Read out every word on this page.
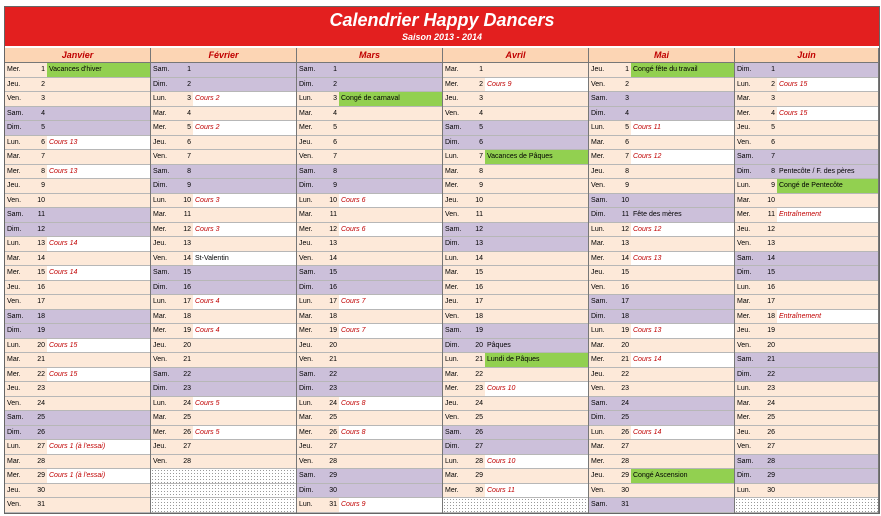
Calendrier Happy Dancers
Saison 2013 - 2014
Janvier
Mer.	1 Vacances d'hiver
Jeu.	2
Ven.	3
Sam.	4
Dim.	5
Lun.	6 Cours 13
Mar.	7
Mer.	8 Cours 13
Jeu.	9
Ven.	10
Sam.	11
Dim.	12
Lun.	13 Cours 14
Mar.	14
Mer.	15 Cours 14
Jeu.	16
Ven.	17
Sam.	18
Dim.	19
Lun.	20 Cours 15
Mar.	21
Mer.	22 Cours 15
Jeu.	23
Ven.	24
Sam.	25
Dim.	26
Lun.	27 Cours 1 (à l'essai)
Mar.	28
Mer.	29 Cours 1 (à l'essai)
Jeu.	30
Ven.	31
Février
Sam.	1
Dim.	2
Lun.	3 Cours 2
Mar.	4
Mer.	5 Cours 2
Jeu.	6
Ven.	7
Sam.	8
Dim.	9
Lun.	10 Cours 3
Mar.	11
Mer.	12 Cours 3
Jeu.	13
Ven.	14 St-Valentin
Sam.	15
Dim.	16
Lun.	17 Cours 4
Mar.	18
Mer.	19 Cours 4
Jeu.	20
Ven.	21
Sam.	22
Dim.	23
Lun.	24 Cours 5
Mar.	25
Mer.	26 Cours 5
Jeu.	27
Ven.	28
Mars
Sam.	1
Dim.	2
Lun.	3 Congé de carnaval
Mar.	4
Mer.	5
Jeu.	6
Ven.	7
Sam.	8
Dim.	9
Lun.	10 Cours 6
Mar.	11
Mer.	12 Cours 6
Jeu.	13
Ven.	14
Sam.	15
Dim.	16
Lun.	17 Cours 7
Mar.	18
Mer.	19 Cours 7
Jeu.	20
Ven.	21
Sam.	22
Dim.	23
Lun.	24 Cours 8
Mar.	25
Mer.	26 Cours 8
Jeu.	27
Ven.	28
Sam.	29
Dim.	30
Lun.	31 Cours 9
Avril
Mar.	1
Mer.	2 Cours 9
Jeu.	3
Ven.	4
Sam.	5
Dim.	6
Lun.	7 Vacances de Pâques
Mar.	8
Mer.	9
Jeu.	10
Ven.	11
Sam.	12
Dim.	13
Lun.	14
Mar.	15
Mer.	16
Jeu.	17
Ven.	18
Sam.	19
Dim.	20 Pâques
Lun.	21 Lundi de Pâques
Mar.	22
Mer.	23 Cours 10
Jeu.	24
Ven.	25
Sam.	26
Dim.	27
Lun.	28 Cours 10
Mar.	29
Mer.	30 Cours 11
Mai
Jeu.	1 Congé fête du travail
Ven.	2
Sam.	3
Dim.	4
Lun.	5 Cours 11
Mar.	6
Mer.	7 Cours 12
Jeu.	8
Ven.	9
Sam.	10
Dim.	11 Fête des mères
Lun.	12 Cours 12
Mar.	13
Mer.	14 Cours 13
Jeu.	15
Ven.	16
Sam.	17
Dim.	18
Lun.	19 Cours 13
Mar.	20
Mer.	21 Cours 14
Jeu.	22
Ven.	23
Sam.	24
Dim.	25
Lun.	26 Cours 14
Mar.	27
Mer.	28
Jeu.	29 Congé Ascension
Ven.	30
Sam.	31
Juin
Dim.	1
Lun.	2 Cours 15
Mar.	3
Mer.	4 Cours 15
Jeu.	5
Ven.	6
Sam.	7
Dim.	8 Pentecôte / F. des pères
Lun.	9 Congé de Pentecôte
Mar.	10
Mer.	11 Entraînement
Jeu.	12
Ven.	13
Sam.	14
Dim.	15
Lun.	16
Mar.	17
Mer.	18 Entraînement
Jeu.	19
Ven.	20
Sam.	21
Dim.	22
Lun.	23
Mar.	24
Mer.	25
Jeu.	26
Ven.	27
Sam.	28
Dim.	29
Lun.	30
